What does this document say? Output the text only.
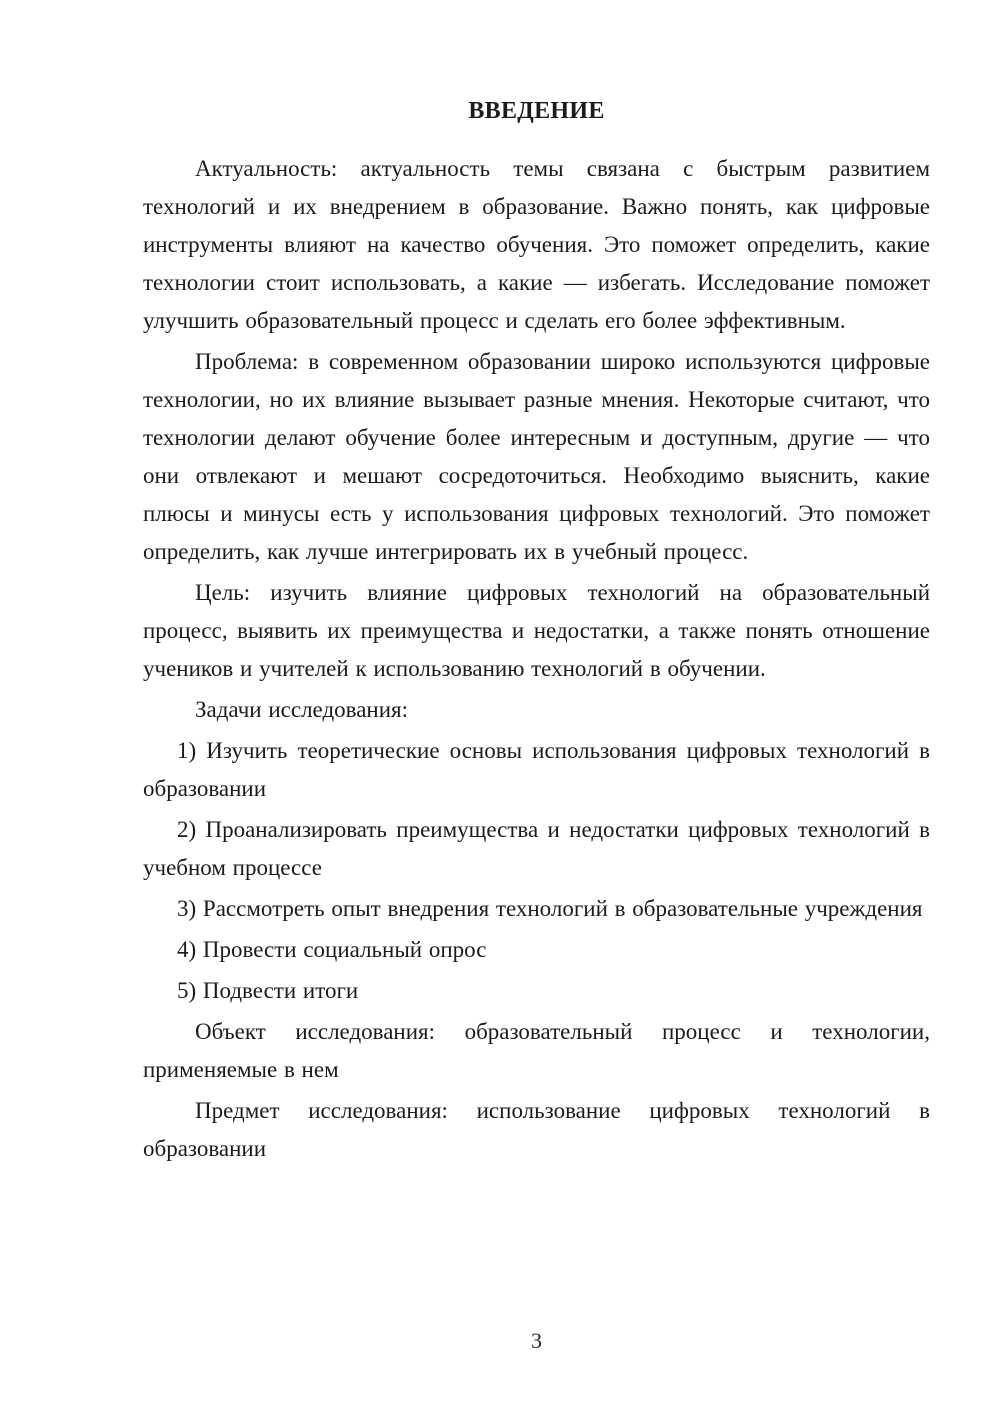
ВВЕДЕНИЕ

Актуальность: актуальность темы связана с быстрым развитием технологий и их внедрением в образование. Важно понять, как цифровые инструменты влияют на качество обучения. Это поможет определить, какие технологии стоит использовать, а какие — избегать. Исследование поможет улучшить образовательный процесс и сделать его более эффективным.

Проблема: в современном образовании широко используются цифровые технологии, но их влияние вызывает разные мнения. Некоторые считают, что технологии делают обучение более интересным и доступным, другие — что они отвлекают и мешают сосредоточиться. Необходимо выяснить, какие плюсы и минусы есть у использования цифровых технологий. Это поможет определить, как лучше интегрировать их в учебный процесс.

Цель: изучить влияние цифровых технологий на образовательный процесс, выявить их преимущества и недостатки, а также понять отношение учеников и учителей к использованию технологий в обучении.

Задачи исследования:

1) Изучить теоретические основы использования цифровых технологий в образовании

2) Проанализировать преимущества и недостатки цифровых технологий в учебном процессе

3) Рассмотреть опыт внедрения технологий в образовательные учреждения

4) Провести социальный опрос

5) Подвести итоги

Объект исследования: образовательный процесс и технологии, применяемые в нем

Предмет исследования: использование цифровых технологий в образовании

3
